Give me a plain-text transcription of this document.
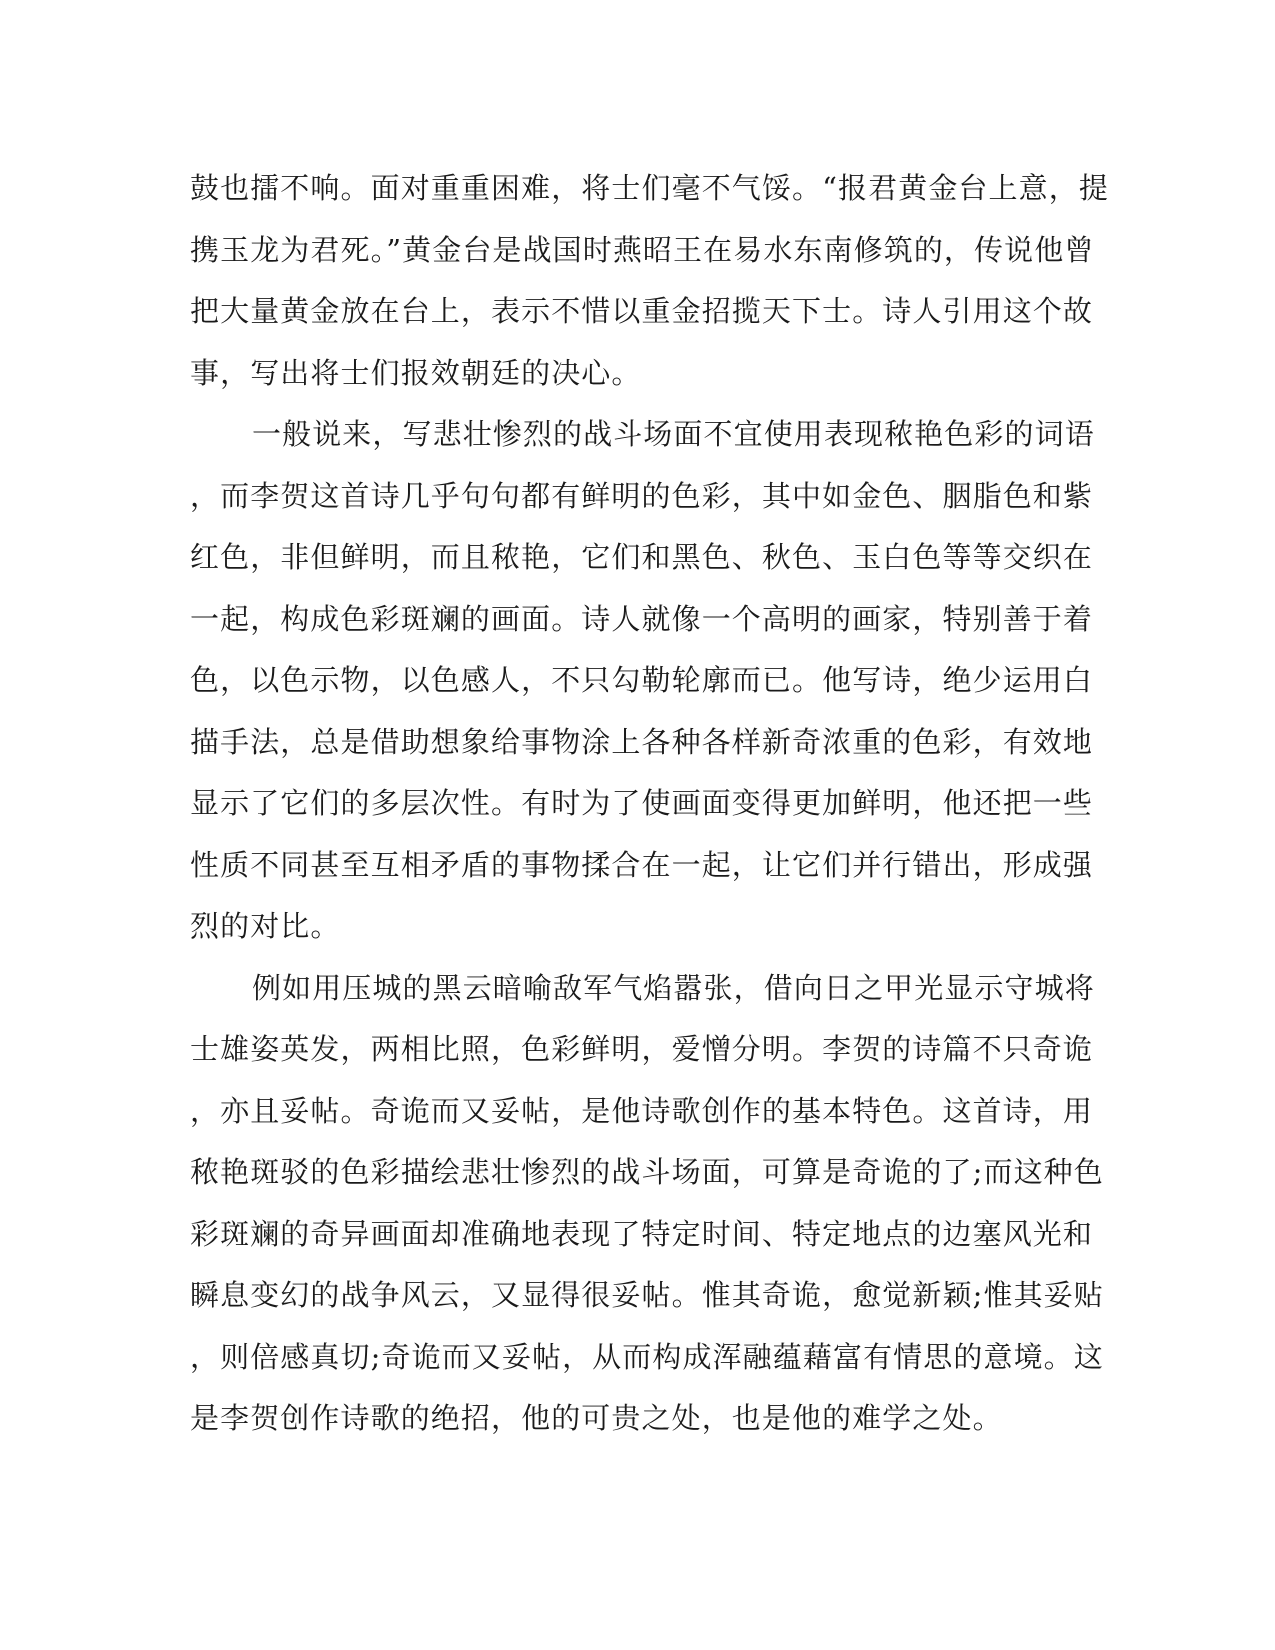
鼓也擂不响。面对重重困难，将士们毫不气馁。“报君黄金台上意，提
携玉龙为君死。”黄金台是战国时燕昭王在易水东南修筑的，传说他曾
把大量黄金放在台上，表示不惜以重金招揽天下士。诗人引用这个故
事，写出将士们报效朝廷的决心。
一般说来，写悲壮惨烈的战斗场面不宜使用表现秾艳色彩的词语
，而李贺这首诗几乎句句都有鲜明的色彩，其中如金色、胭脂色和紫
红色，非但鲜明，而且秾艳，它们和黑色、秋色、玉白色等等交织在
一起，构成色彩斑斓的画面。诗人就像一个高明的画家，特别善于着
色，以色示物，以色感人，不只勾勒轮廓而已。他写诗，绝少运用白
描手法，总是借助想象给事物涂上各种各样新奇浓重的色彩，有效地
显示了它们的多层次性。有时为了使画面变得更加鲜明，他还把一些
性质不同甚至互相矛盾的事物揉合在一起，让它们并行错出，形成强
烈的对比。
例如用压城的黑云暗喻敌军气焰嚣张，借向日之甲光显示守城将
士雄姿英发，两相比照，色彩鲜明，爱憎分明。李贺的诗篇不只奇诡
，亦且妥帖。奇诡而又妥帖，是他诗歌创作的基本特色。这首诗，用
秾艳斑驳的色彩描绘悲壮惨烈的战斗场面，可算是奇诡的了;而这种色
彩斑斓的奇异画面却准确地表现了特定时间、特定地点的边塞风光和
瞬息变幻的战争风云，又显得很妥帖。惟其奇诡，愈觉新颖;惟其妥贴
，则倍感真切;奇诡而又妥帖，从而构成浑融蕴藉富有情思的意境。这
是李贺创作诗歌的绝招，他的可贵之处，也是他的难学之处。
